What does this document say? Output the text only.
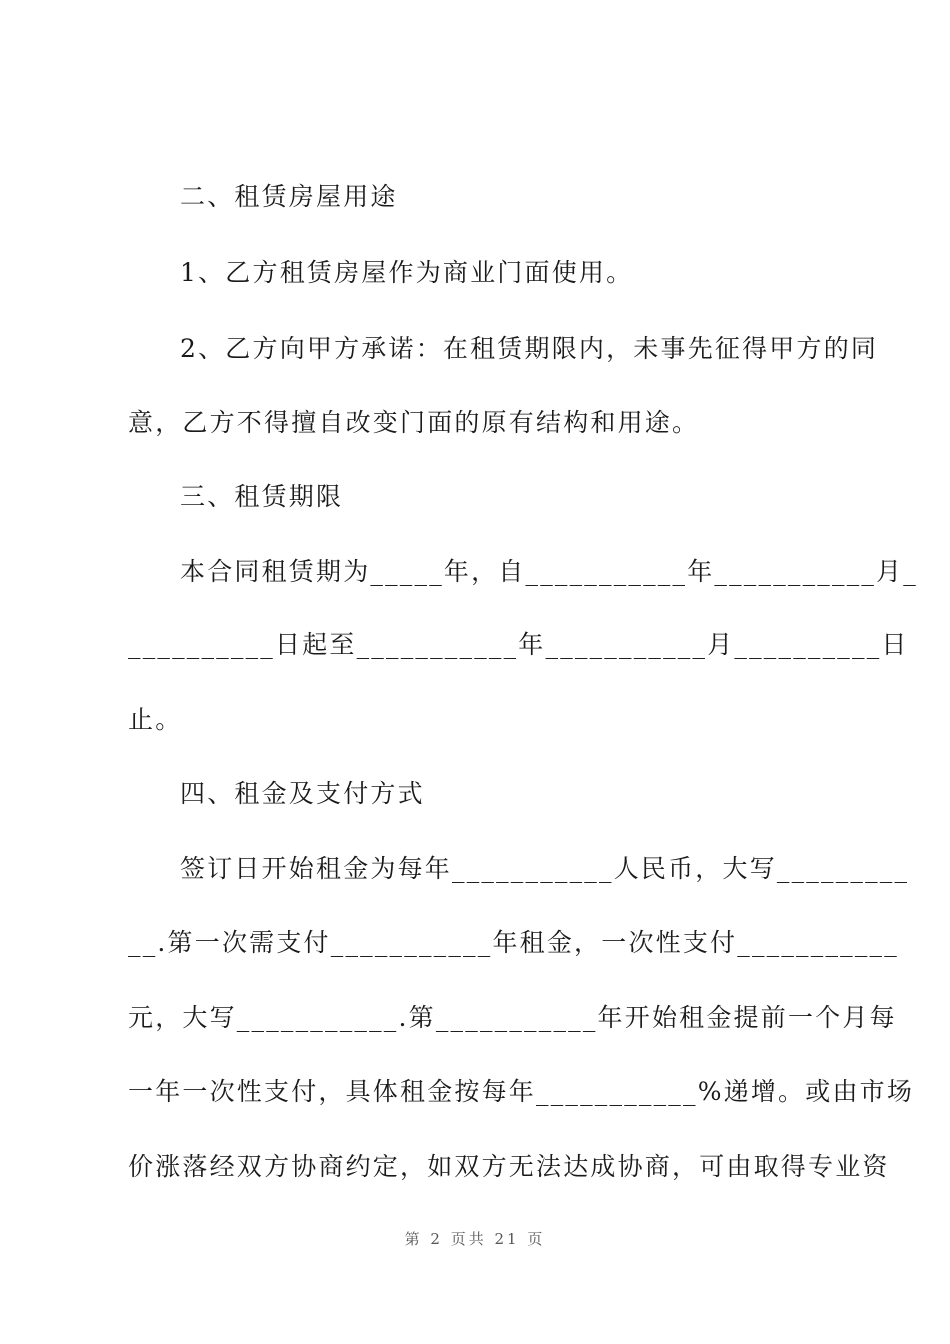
二、租赁房屋用途
1、乙方租赁房屋作为商业门面使用。
2、乙方向甲方承诺：在租赁期限内，未事先征得甲方的同
意，乙方不得擅自改变门面的原有结构和用途。
三、租赁期限
本合同租赁期为_____年，自___________年___________月_
__________日起至___________年___________月__________日
止。
四、租金及支付方式
签订日开始租金为每年___________人民币，大写_________
__.第一次需支付___________年租金，一次性支付___________
元，大写___________.第___________年开始租金提前一个月每
一年一次性支付，具体租金按每年___________%递增。或由市场
价涨落经双方协商约定，如双方无法达成协商，可由取得专业资
第 2 页共 21 页
